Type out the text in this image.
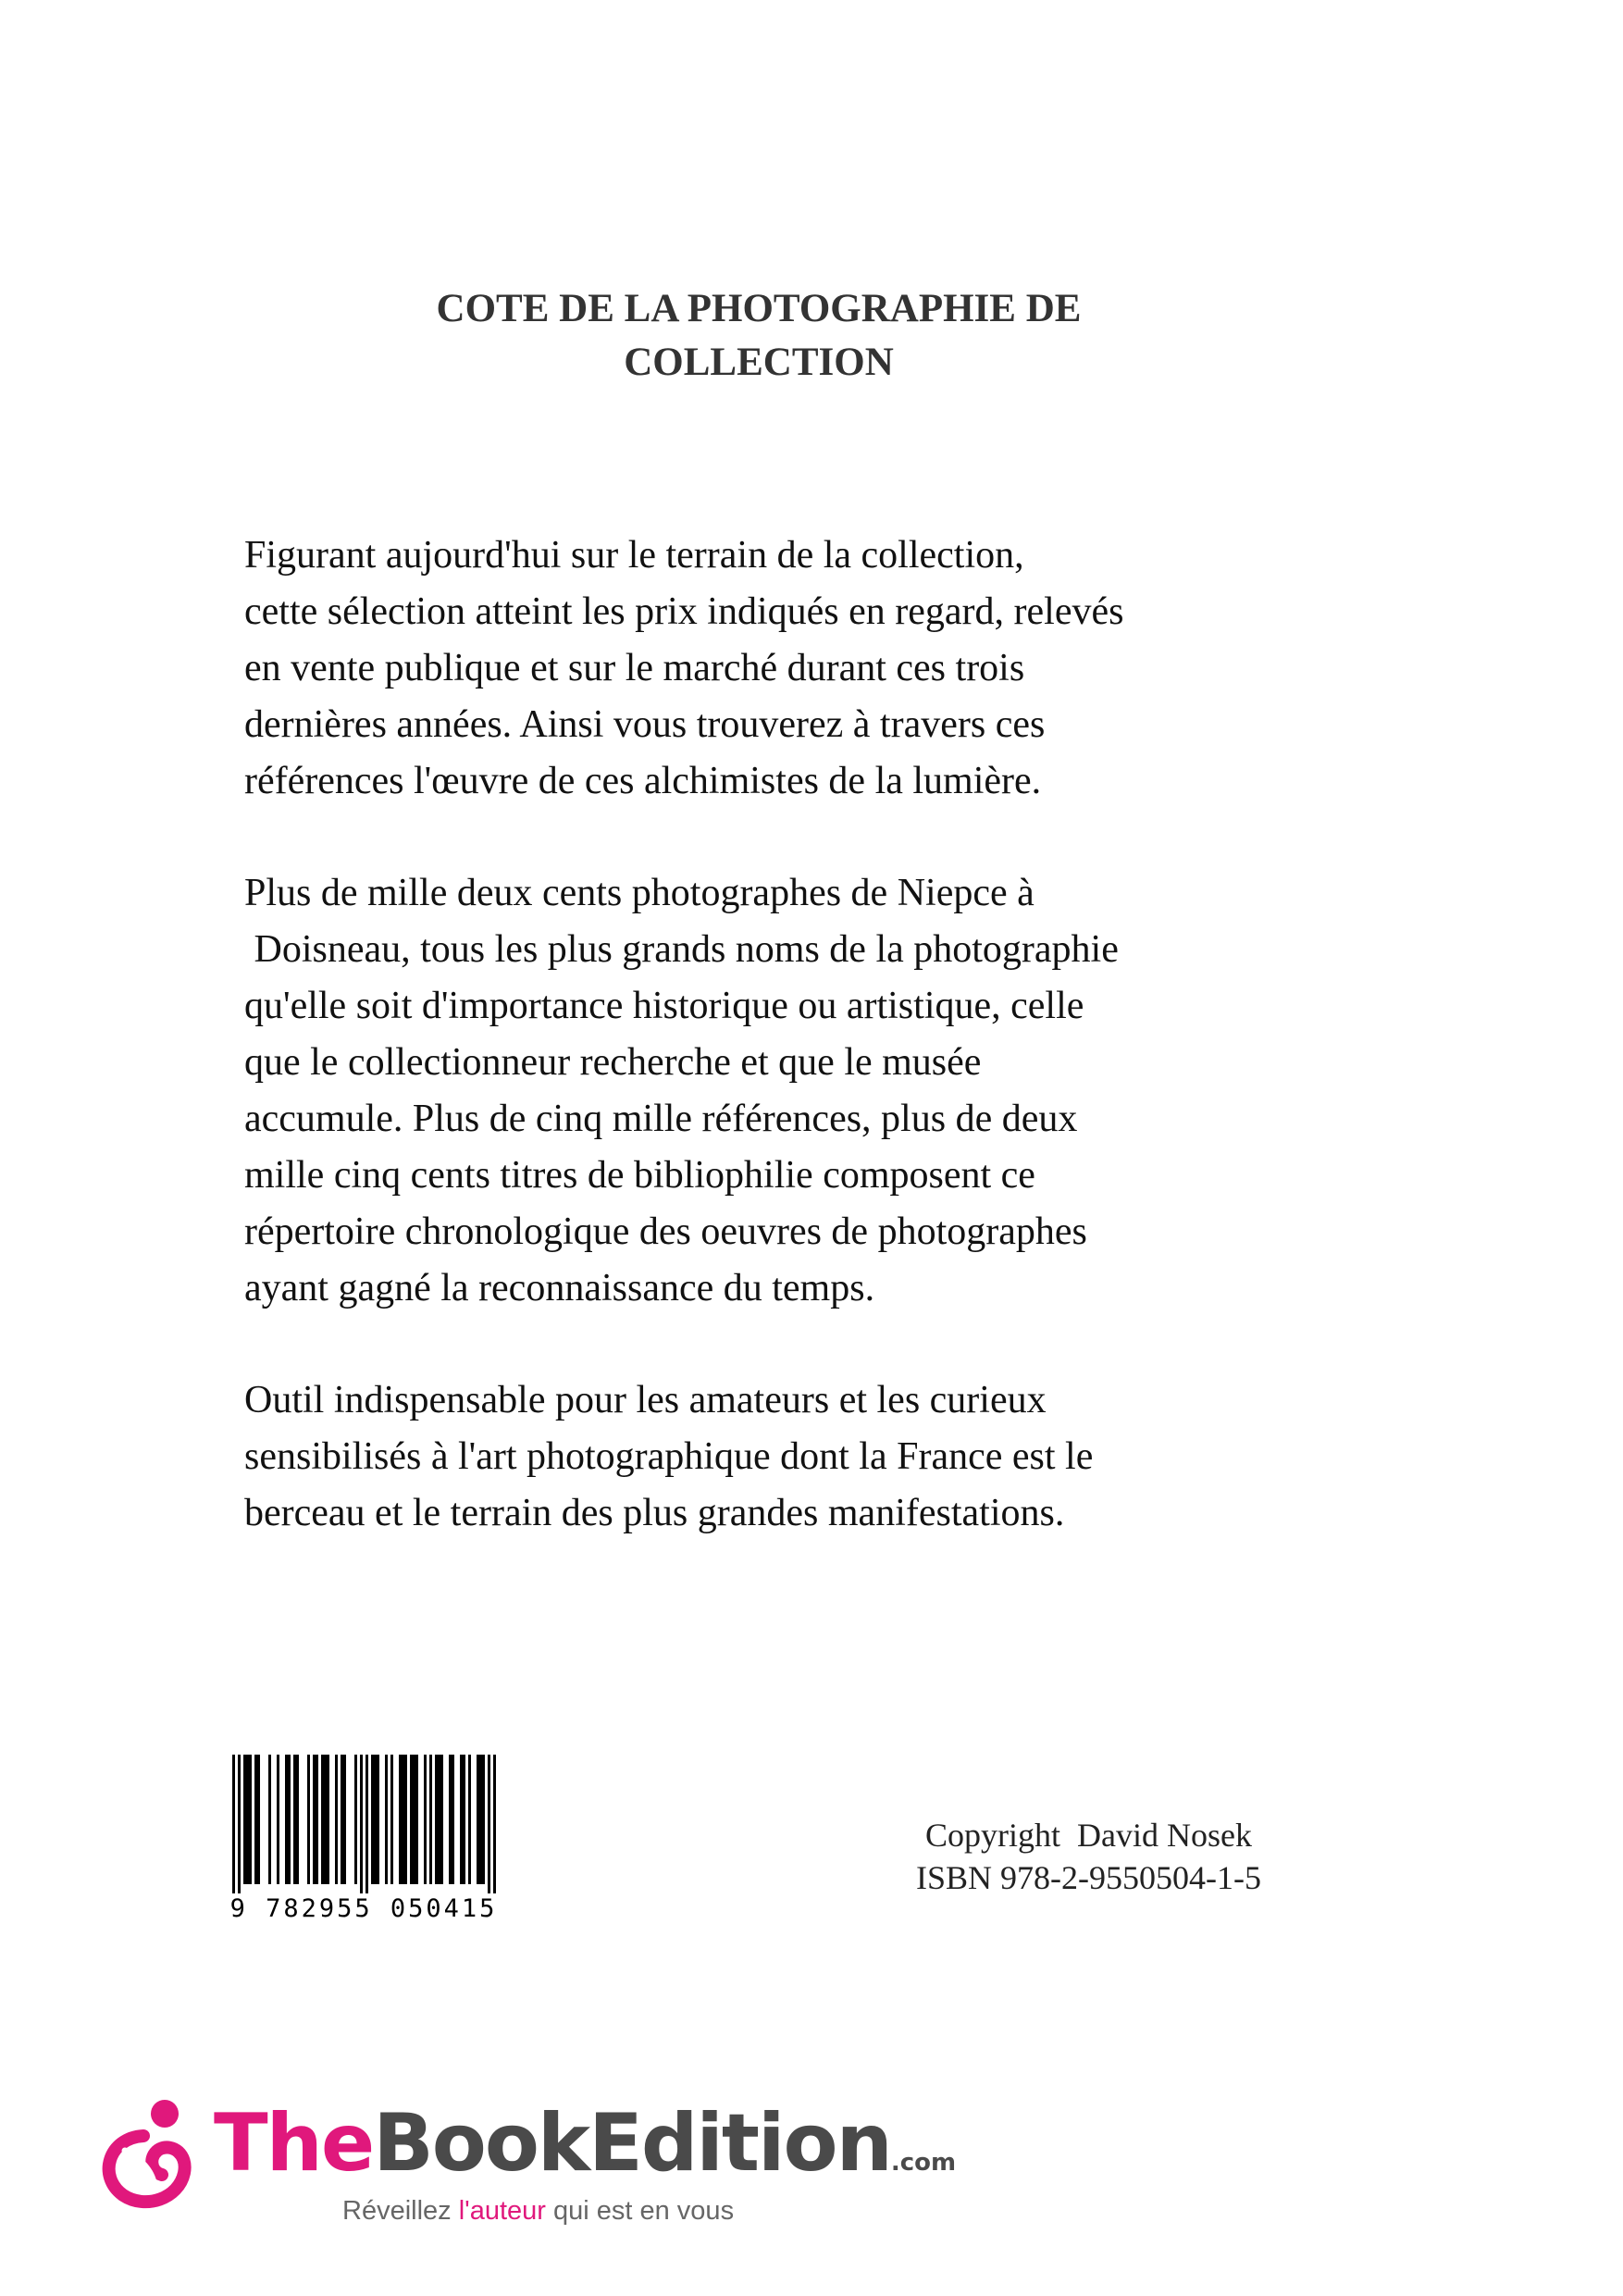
COTE DE LA PHOTOGRAPHIE DE
COLLECTION

Figurant aujourd'hui sur le terrain de la collection,
cette sélection atteint les prix indiqués en regard, relevés
en vente publique et sur le marché durant ces trois
dernières années. Ainsi vous trouverez à travers ces
références l'œuvre de ces alchimistes de la lumière.

Plus de mille deux cents photographes de Niepce à
Doisneau, tous les plus grands noms de la photographie
qu'elle soit d'importance historique ou artistique, celle
que le collectionneur recherche et que le musée
accumule. Plus de cinq mille références, plus de deux
mille cinq cents titres de bibliophilie composent ce
répertoire chronologique des oeuvres de photographes
ayant gagné la reconnaissance du temps.

Outil indispensable pour les amateurs et les curieux
sensibilisés à l'art photographique dont la France est le
berceau et le terrain des plus grandes manifestations.

9 782955 050415
Copyright  David Nosek
ISBN 978-2-9550504-1-5
TheBookEdition.com
Réveillez l'auteur qui est en vous
